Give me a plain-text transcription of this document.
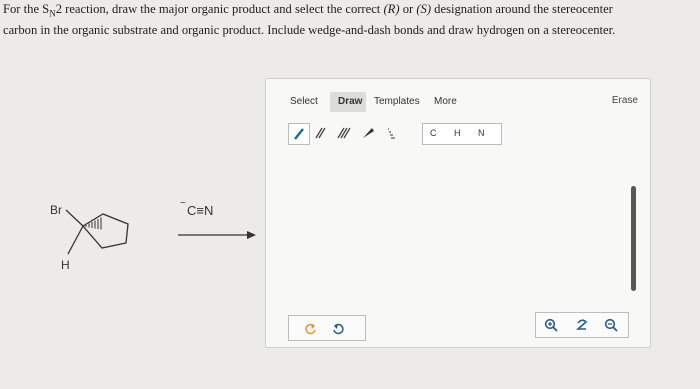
For the $S_N2$ reaction, draw the major organic product and select the correct (R) or (S) designation around the stereocenter
carbon in the organic substrate and organic product. Include wedge-and-dash bonds and draw hydrogen on a stereocenter.
Br
H
− C≡N
Select Draw Templates More	Erase
C H N
